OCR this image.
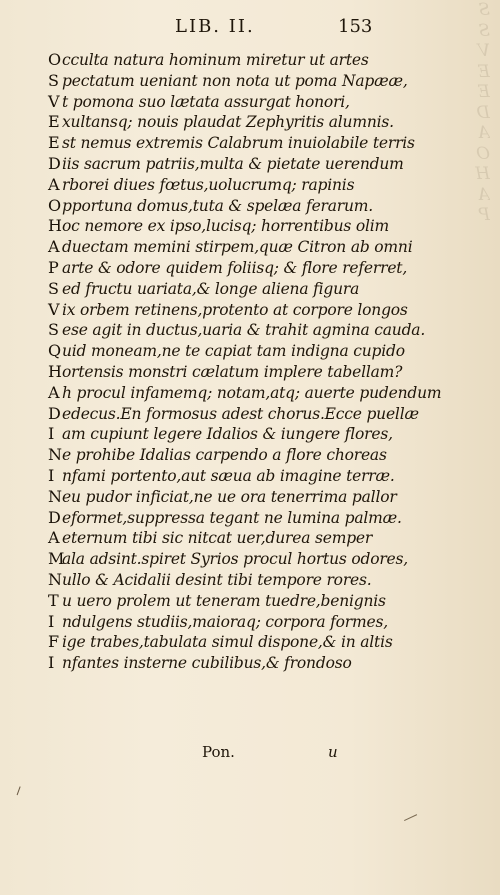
S
S
V
E
E
D
A
O
H
A
P
LIB. II.	153
Occulta natura hominum miretur ut artes
S pectatum ueniant non nota ut poma Napææ,
V t pomona suo lætata assurgat honori,
E xultansq; nouis plaudat Zephyritis alumnis.
E st nemus extremis Calabrum inuiolabile terris
Diis sacrum patriis,multa & pietate uerendum
A rborei diues fœtus,uolucrumq; rapinis
Opportuna domus,tuta & spelæa ferarum.
Hoc nemore ex ipso,lucisq; horrentibus olim
A duectam memini stirpem,quæ Citron ab omni
P arte & odore quidem foliisq; & flore referret,
S ed fructu uariata,& longe aliena figura
V ix orbem retinens,protento at corpore longos
S ese agit in ductus,uaria & trahit agmina cauda.
Quid moneam,ne te capiat tam indigna cupido
Hortensis monstri cælatum implere tabellam?
A h procul infamemq; notam,atq; auerte pudendum
Dedecus.En formosus adest chorus.Ecce puellæ
I am cupiunt legere Idalios & iungere flores,
Ne prohibe Idalias carpendo a flore choreas
I nfami portento,aut sæua ab imagine terræ.
Neu pudor inficiat,ne ue ora tenerrima pallor
Deformet,suppressa tegant ne lumina palmæ.
A eternum tibi sic nitcat uer,durea semper
Mala adsint.spiret Syrios procul hortus odores,
Nullo & Acidalii desint tibi tempore rores.
T u uero prolem ut teneram tuedre,benignis
I ndulgens studiis,maioraq; corpora formes,
F ige trabes,tabulata simul dispone,& in altis
I nfantes insterne cubilibus,& frondoso
Pon.	u
